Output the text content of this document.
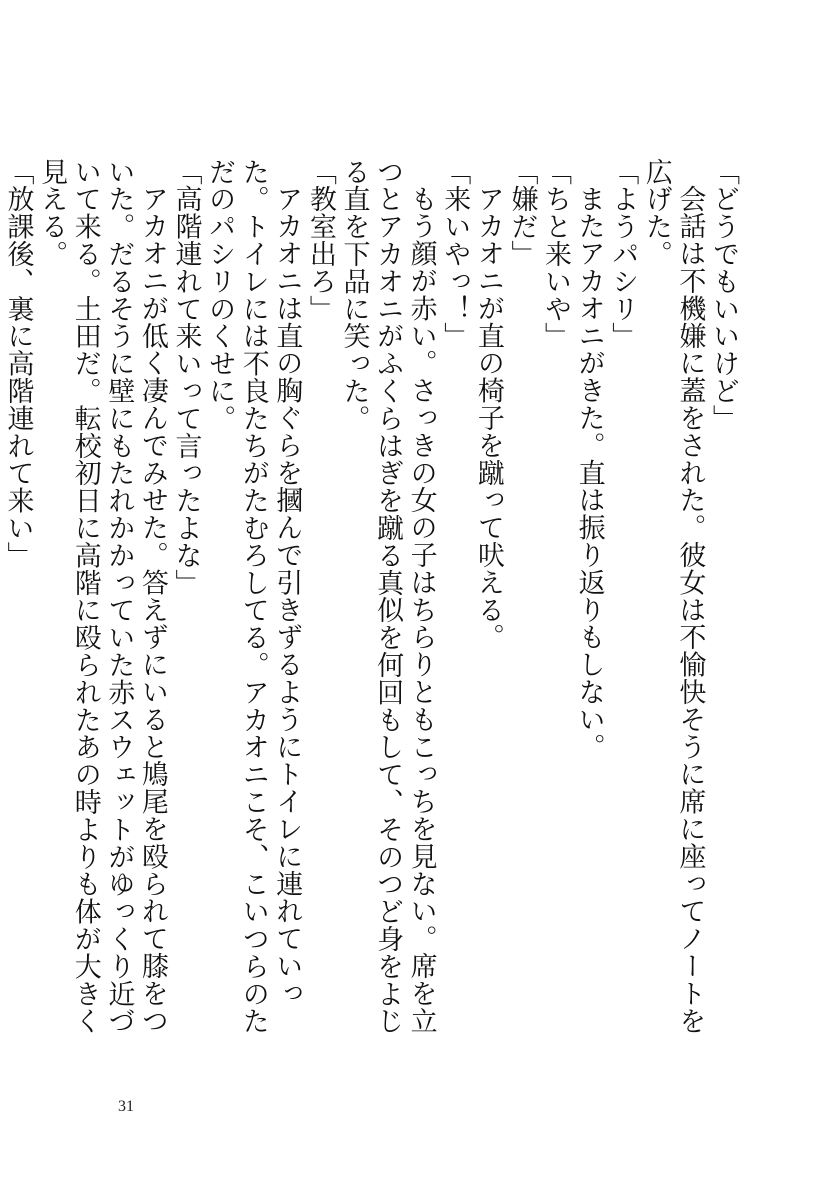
「どうでもいいけど」

会話は不機嫌に蓋をされた。彼女は不愉快そうに席に座ってノートを広げた。

「ようパシリ」

またアカオニがきた。直は振り返りもしない。

「ちと来いや」

「嫌だ」

アカオニが直の椅子を蹴って吠える。

「来いやっ！」

もう顔が赤い。さっきの女の子はちらりともこっちを見ない。席を立つとアカオニがふくらはぎを蹴る真似を何回もして、そのつど身をよじる直を下品に笑った。

「教室出ろ」

アカオニは直の胸ぐらを摑んで引きずるようにトイレに連れていった。トイレには不良たちがたむろしてる。アカオニこそ、こいつらのただのパシリのくせに。

「高階連れて来いって言ったよな」

アカオニが低く凄んでみせた。答えずにいると鳩尾を殴られて膝をついた。だるそうに壁にもたれかかっていた赤スウェットがゆっくり近づいて来る。土田だ。転校初日に高階に殴られたあの時よりも体が大きく見える。

「放課後、裏に高階連れて来い」

31
